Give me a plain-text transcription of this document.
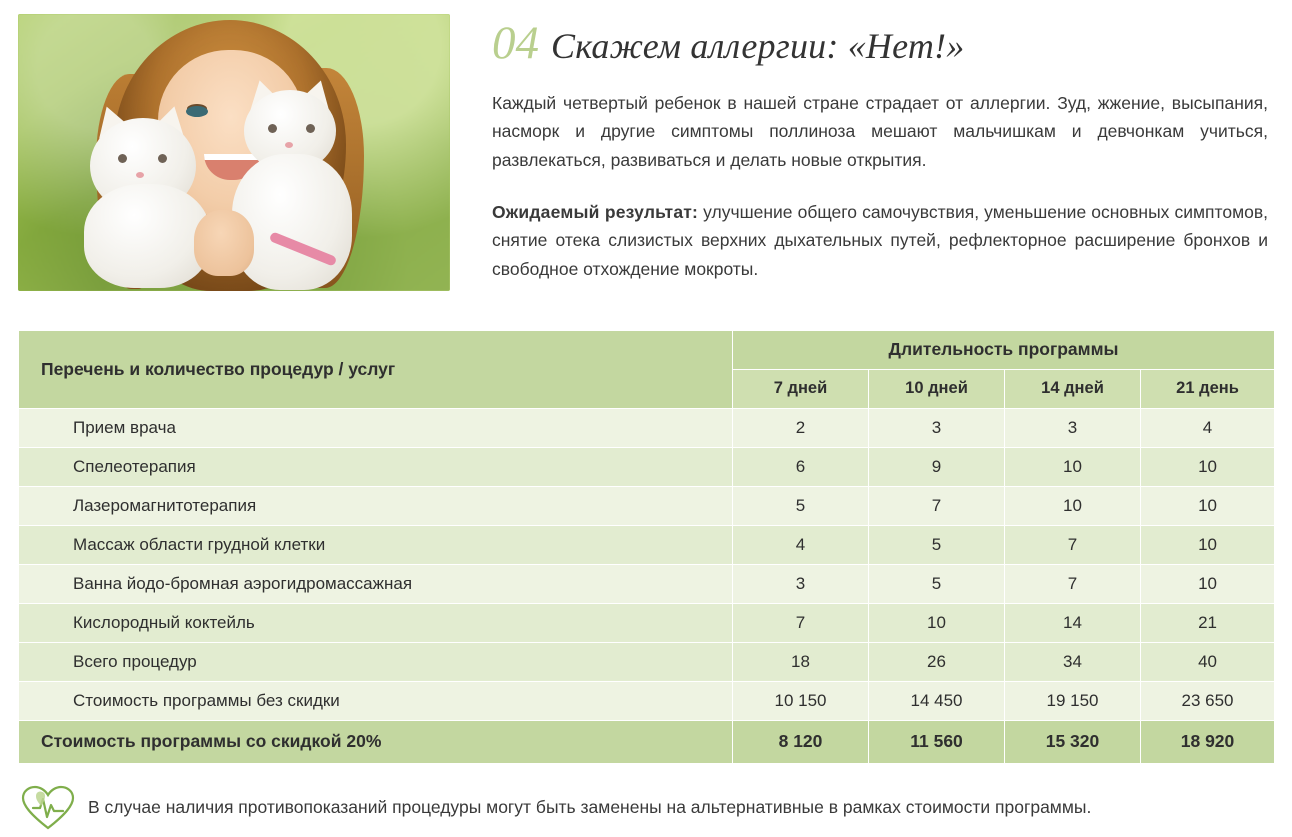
04 Скажем аллергии: «Нет!»

Каждый четвертый ребенок в нашей стране страдает от аллергии. Зуд, жжение, высыпания, насморк и другие симптомы поллиноза мешают мальчишкам и девчонкам учиться, развлекаться, развиваться и делать новые открытия.

Ожидаемый результат: улучшение общего самочувствия, уменьшение основных симптомов, снятие отека слизистых верхних дыхательных путей, рефлекторное расширение бронхов и свободное отхождение мокроты.

Перечень и количество процедур / услуг	Длительность программы			
	7 дней	10 дней	14 дней	21 день
Прием врача	2	3	3	4
Спелеотерапия	6	9	10	10
Лазеромагнитотерапия	5	7	10	10
Массаж области грудной клетки	4	5	7	10
Ванна йодо-бромная аэрогидромассажная	3	5	7	10
Кислородный коктейль	7	10	14	21
Всего процедур	18	26	34	40
Стоимость программы без скидки	10 150	14 450	19 150	23 650
Стоимость программы со скидкой 20%	8 120	11 560	15 320	18 920
В случае наличия противопоказаний процедуры могут быть заменены на альтернативные в рамках стоимости программы.
